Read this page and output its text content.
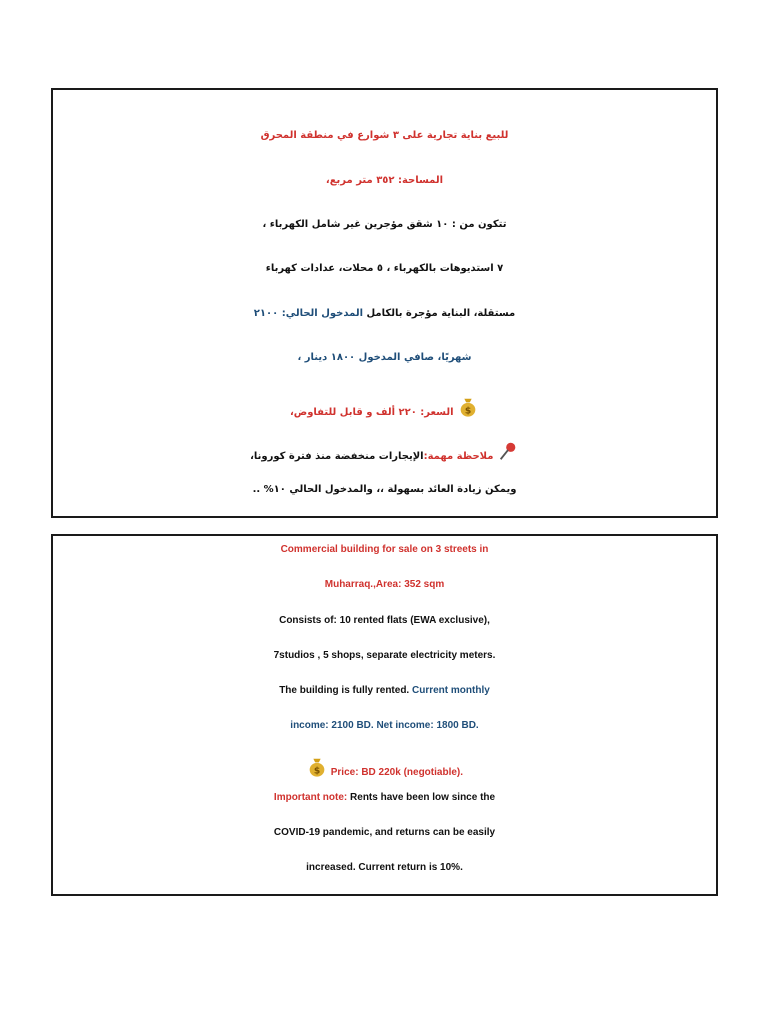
للبيع بناية تجارية على ٣ شوارع في منطقة المحرق
المساحة: ٣٥٢ متر مربع،
تتكون من : ١٠ شقق مؤجرين غير شامل الكهرباء ،
٧ استديوهات بالكهرباء ، ٥ محلات، عدادات كهرباء
مستقلة، البناية مؤجرة بالكامل المدخول الحالي: ٢١٠٠
شهريًا، صافي المدخول ١٨٠٠ دينار ،
$
السعر: ٢٢٠ ألف و قابل للتفاوض،
ملاحظة مهمة:الإيجارات منخفضة منذ فترة كورونا،
ويمكن زيادة العائد بسهولة ،، والمدخول الحالي ١٠% ..
Commercial building for sale on 3 streets in
Muharraq.,Area: 352 sqm
Consists of: 10 rented flats (EWA exclusive),
7studios , 5 shops, separate electricity meters.
The building is fully rented. Current monthly
income: 2100 BD. Net income: 1800 BD.
$ Price: BD 220k (negotiable).
Important note: Rents have been low since the
COVID-19 pandemic, and returns can be easily
increased. Current return is 10%.
